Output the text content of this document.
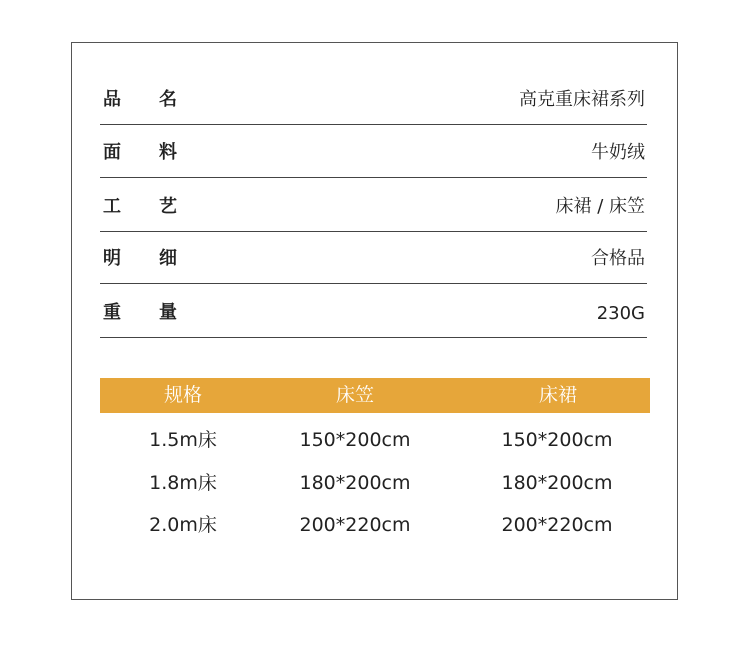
品名	高克重床裙系列
面料	牛奶绒
工艺	床裙 / 床笠
明细	合格品
重量	230G
规格	床笠	床裙
1.5m床	150*200cm	150*200cm
1.8m床	180*200cm	180*200cm
2.0m床	200*220cm	200*220cm
